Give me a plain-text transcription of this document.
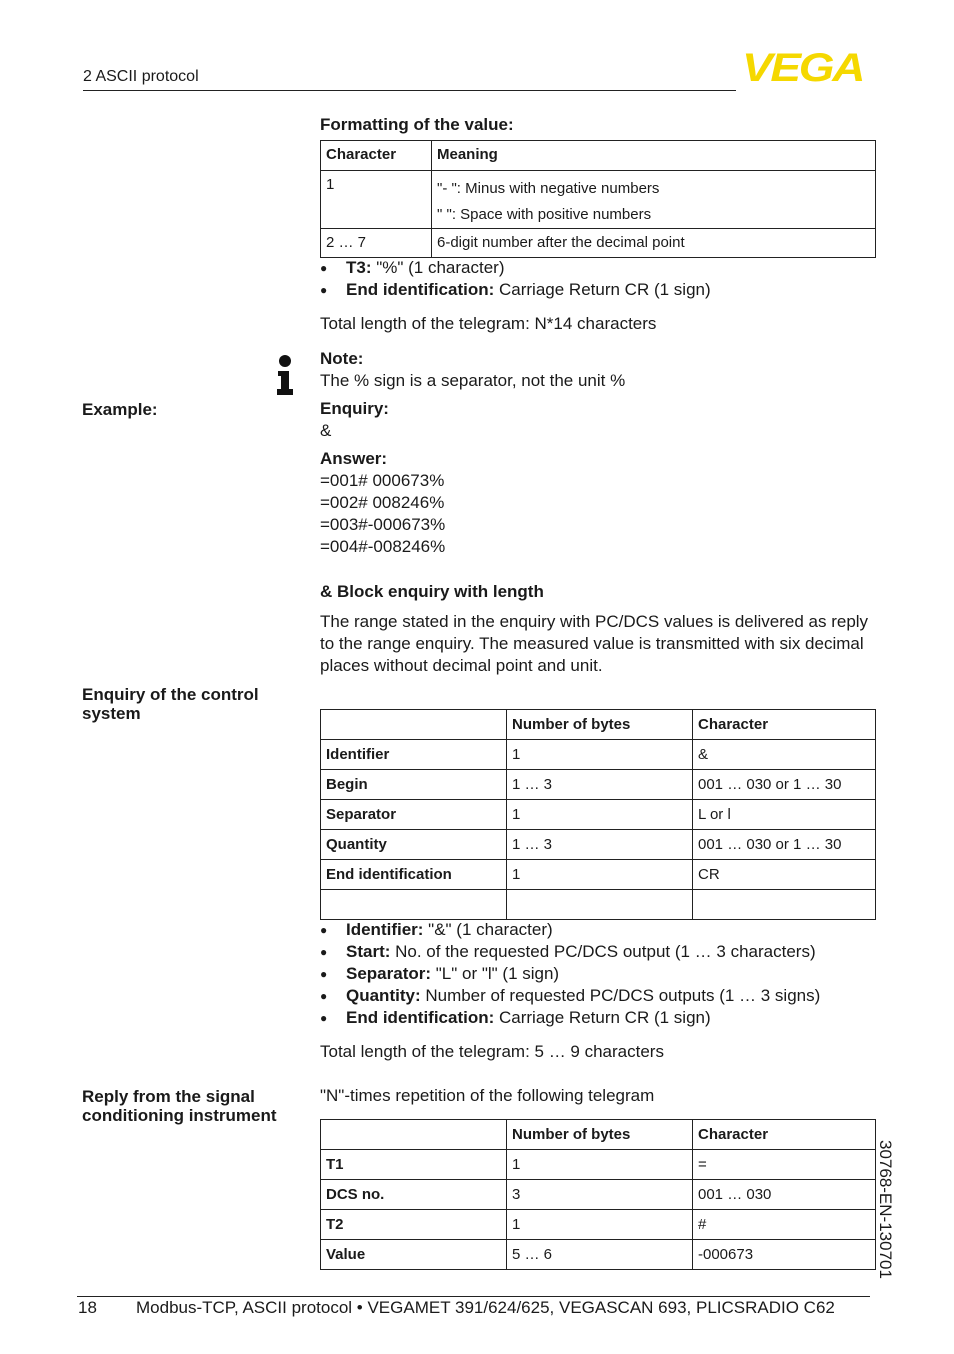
2 ASCII protocol	VEGA
Formatting of the value:
Character	Meaning
1	"- ": Minus with negative numbers
" ": Space with positive numbers

2 … 7	6-digit number after the decimal point
● T3: "%" (1 character)
● End identification: Carriage Return CR (1 sign)
Total length of the telegram: N*14 characters
Note:
The % sign is a separator, not the unit %
Example:	Enquiry:
&
Answer:
=001# 000673%
=002# 008246%
=003#-000673%
=004#-008246%
& Block enquiry with length
The range stated in the enquiry with PC/DCS values is delivered as reply to the range enquiry. The measured value is transmitted with six decimal places without decimal point and unit.
Enquiry of the control system
	Number of bytes	Character
Identifier	1	&
Begin	1 … 3	001 … 030 or 1 … 30
Separator	1	L or l
Quantity	1 … 3	001 … 030 or 1 … 30
End identification	1	CR

● Identifier: "&" (1 character)
● Start: No. of the requested PC/DCS output (1 … 3 characters)
● Separator: "L" or "l" (1 sign)
● Quantity: Number of requested PC/DCS outputs (1 … 3 signs)
● End identification: Carriage Return CR (1 sign)
Total length of the telegram: 5 … 9 characters
Reply from the signal conditioning instrument
"N"-times repetition of the following telegram
	Number of bytes	Character
T1	1	=
DCS no.	3	001 … 030
T2	1	#
Value	5 … 6	-000673	30768-EN-130701
18 Modbus-TCP, ASCII protocol • VEGAMET 391/624/625, VEGASCAN 693, PLICSRADIO C62
